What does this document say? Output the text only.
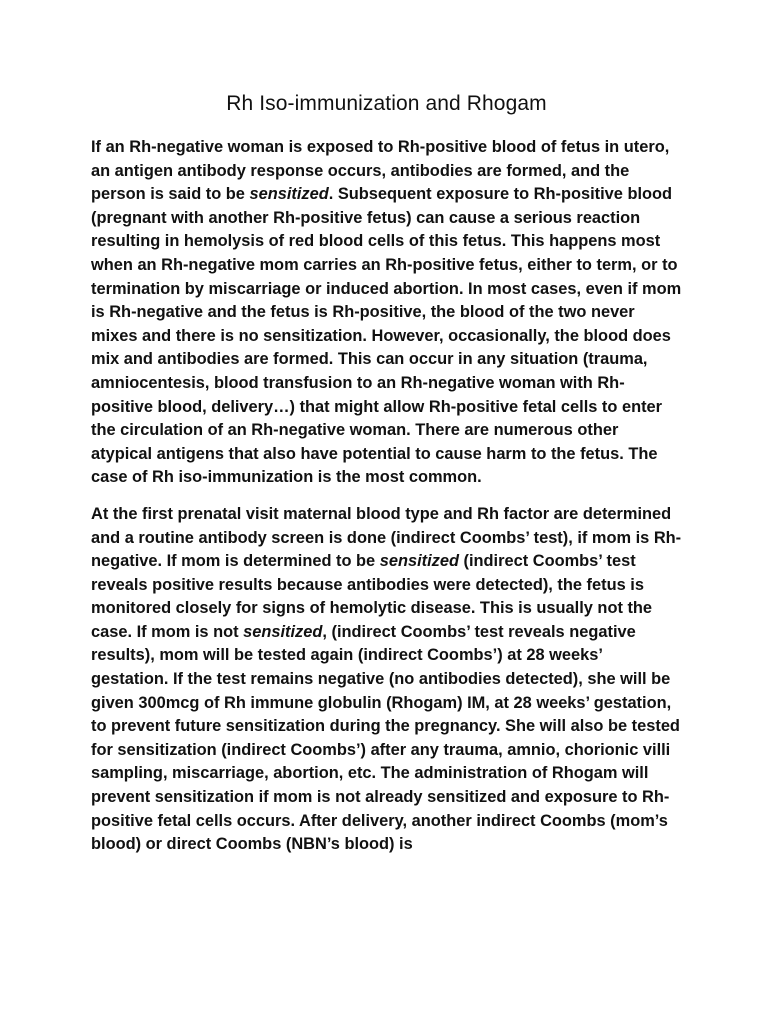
Rh Iso-immunization and Rhogam

If an Rh-negative woman is exposed to Rh-positive blood of fetus in utero, an antigen antibody response occurs, antibodies are formed, and the person is said to be sensitized. Subsequent exposure to Rh-positive blood (pregnant with another Rh-positive fetus) can cause a serious reaction resulting in hemolysis of red blood cells of this fetus. This happens most when an Rh-negative mom carries an Rh-positive fetus, either to term, or to termination by miscarriage or induced abortion. In most cases, even if mom is Rh-negative and the fetus is Rh-positive, the blood of the two never mixes and there is no sensitization. However, occasionally, the blood does mix and antibodies are formed. This can occur in any situation (trauma, amniocentesis, blood transfusion to an Rh-negative woman with Rh-positive blood, delivery…) that might allow Rh-positive fetal cells to enter the circulation of an Rh-negative woman. There are numerous other atypical antigens that also have potential to cause harm to the fetus. The case of Rh iso-immunization is the most common.

At the first prenatal visit maternal blood type and Rh factor are determined and a routine antibody screen is done (indirect Coombs’ test), if mom is Rh-negative. If mom is determined to be sensitized (indirect Coombs’ test reveals positive results because antibodies were detected), the fetus is monitored closely for signs of hemolytic disease. This is usually not the case. If mom is not sensitized, (indirect Coombs’ test reveals negative results), mom will be tested again (indirect Coombs’) at 28 weeks’ gestation. If the test remains negative (no antibodies detected), she will be given 300mcg of Rh immune globulin (Rhogam) IM, at 28 weeks’ gestation, to prevent future sensitization during the pregnancy. She will also be tested for sensitization (indirect Coombs’) after any trauma, amnio, chorionic villi sampling, miscarriage, abortion, etc. The administration of Rhogam will prevent sensitization if mom is not already sensitized and exposure to Rh-positive fetal cells occurs. After delivery, another indirect Coombs (mom’s blood) or direct Coombs (NBN’s blood) is
